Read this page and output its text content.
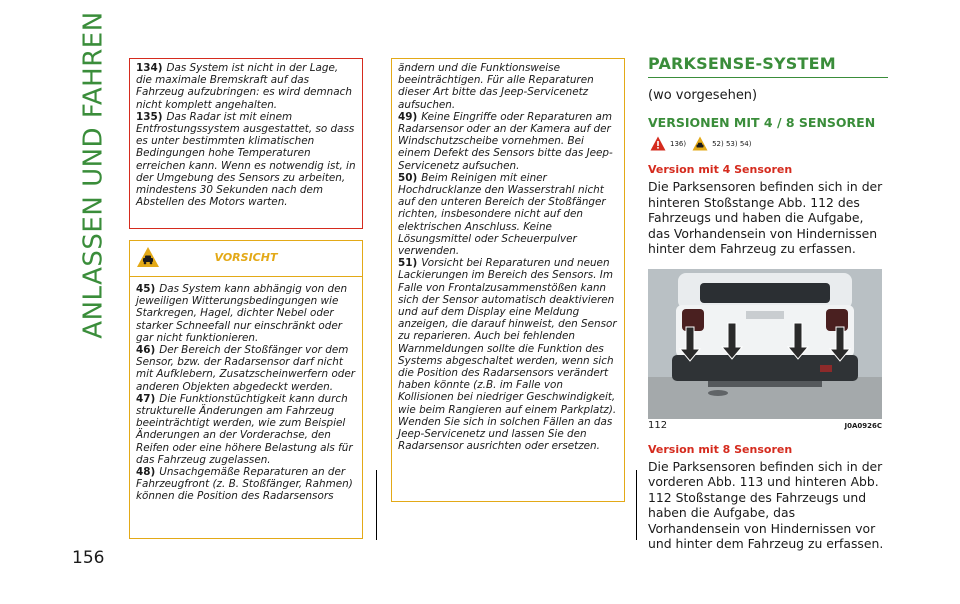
ANLASSEN UND FAHREN
156

134) Das System ist nicht in der Lage, die maximale Bremskraft auf das Fahrzeug aufzubringen: es wird demnach nicht komplett angehalten.

135) Das Radar ist mit einem Entfrostungssystem ausgestattet, so dass es unter bestimmten klimatischen Bedingungen hohe Temperaturen erreichen kann. Wenn es notwendig ist, in der Umgebung des Sensors zu arbeiten, mindestens 30 Sekunden nach dem Abstellen des Motors warten.

VORSICHT

45) Das System kann abhängig von den jeweiligen Witterungsbedingungen wie Starkregen, Hagel, dichter Nebel oder starker Schneefall nur einschränkt oder gar nicht funktionieren.

46) Der Bereich der Stoßfänger vor dem Sensor, bzw. der Radarsensor darf nicht mit Aufklebern, Zusatzscheinwerfern oder anderen Objekten abgedeckt werden.

47) Die Funktionstüchtigkeit kann durch strukturelle Änderungen am Fahrzeug beeinträchtigt werden, wie zum Beispiel Änderungen an der Vorderachse, den Reifen oder eine höhere Belastung als für das Fahrzeug zugelassen.

48) Unsachgemäße Reparaturen an der Fahrzeugfront (z. B. Stoßfänger, Rahmen) können die Position des Radarsensors

ändern und die Funktionsweise beeinträchtigen. Für alle Reparaturen dieser Art bitte das Jeep-Servicenetz aufsuchen.

49) Keine Eingriffe oder Reparaturen am Radarsensor oder an der Kamera auf der Windschutzscheibe vornehmen. Bei einem Defekt des Sensors bitte das Jeep-Servicenetz aufsuchen.

50) Beim Reinigen mit einer Hochdrucklanze den Wasserstrahl nicht auf den unteren Bereich der Stoßfänger richten, insbesondere nicht auf den elektrischen Anschluss. Keine Lösungsmittel oder Scheuerpulver verwenden.

51) Vorsicht bei Reparaturen und neuen Lackierungen im Bereich des Sensors. Im Falle von Frontalzusammenstößen kann sich der Sensor automatisch deaktivieren und auf dem Display eine Meldung anzeigen, die darauf hinweist, den Sensor zu reparieren. Auch bei fehlenden Warnmeldungen sollte die Funktion des Systems abgeschaltet werden, wenn sich die Position des Radarsensors verändert haben könnte (z.B. im Falle von Kollisionen bei niedriger Geschwindigkeit, wie beim Rangieren auf einem Parkplatz). Wenden Sie sich in solchen Fällen an das Jeep-Servicenetz und lassen Sie den Radarsensor ausrichten oder ersetzen.

PARKSENSE-SYSTEM
(wo vorgesehen)
VERSIONEN MIT 4 / 8 SENSOREN
136)	52) 53) 54)
Version mit 4 Sensoren
Die Parksensoren befinden sich in der hinteren Stoßstange Abb. 112 des Fahrzeugs und haben die Aufgabe, das Vorhandensein von Hindernissen hinter dem Fahrzeug zu erfassen.
112	J0A0926C
Version mit 8 Sensoren
Die Parksensoren befinden sich in der vorderen Abb. 113 und hinteren Abb. 112 Stoßstange des Fahrzeugs und haben die Aufgabe, das Vorhandensein von Hindernissen vor und hinter dem Fahrzeug zu erfassen.
